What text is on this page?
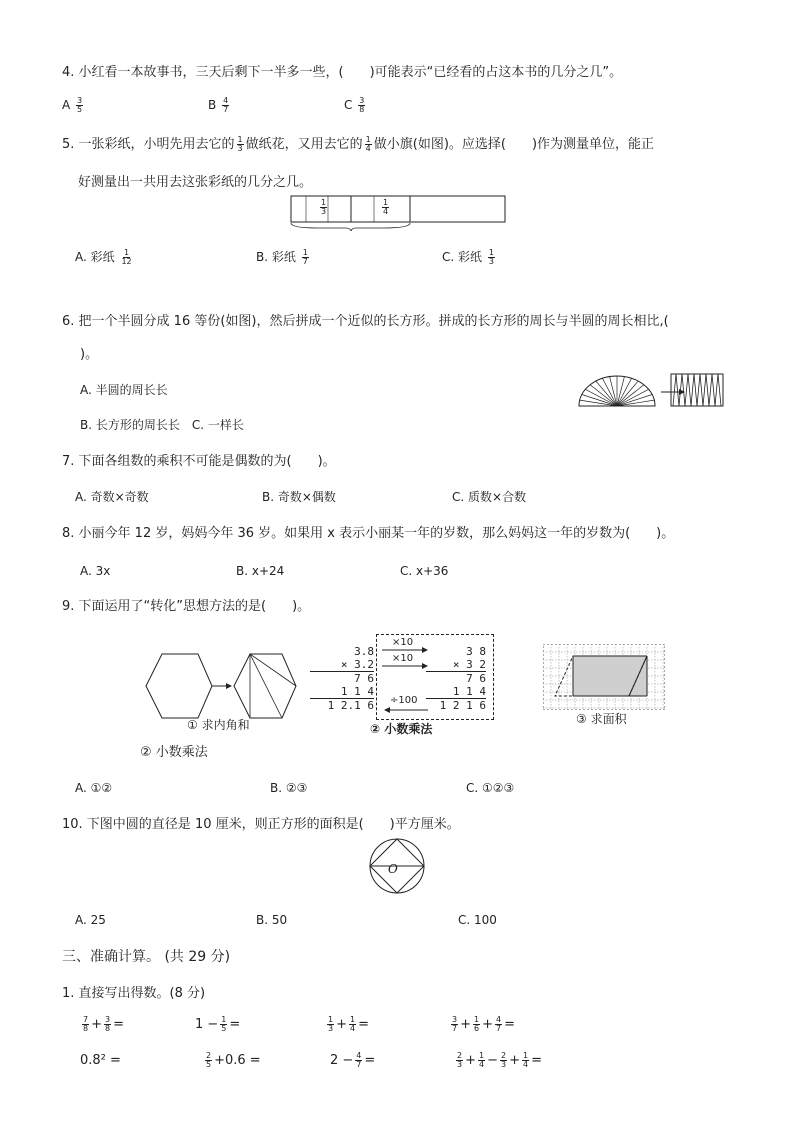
4. 小红看一本故事书，三天后剩下一半多一些，(　　)可能表示“已经看的占这本书的几分之几”。
A $\frac{3}{5}$	B $\frac{4}{7}$	C $\frac{3}{8}$
5. 一张彩纸，小明先用去它的 $\frac{1}{3}$ 做纸花，又用去它的 $\frac{1}{4}$ 做小旗(如图)。应选择(　　)作为测量单位，能正
好测量出一共用去这张彩纸的几分之几。
$\frac{1}{3}$	$\frac{1}{4}$
A. 彩纸 $\frac{1}{12}$	B. 彩纸 $\frac{1}{7}$	C. 彩纸 $\frac{1}{3}$
6. 把一个半圆分成 16 等份(如图)，然后拼成一个近似的长方形。拼成的长方形的周长与半圆的周长相比,(
)。
A. 半圆的周长长
B. 长方形的周长长　C. 一样长
7. 下面各组数的乘积不可能是偶数的为(　　)。
A. 奇数×奇数	B. 奇数×偶数	C. 质数×合数
8. 小丽今年 12 岁，妈妈今年 36 岁。如果用 x 表示小丽某一年的岁数，那么妈妈这一年的岁数为(　　)。
A. 3x	B. x+24	C. x+36
9. 下面运用了“转化”思想方法的是(　　)。
① 求内角和
② 小数乘法
3.8
× 3.2
7 6
1 1 4
1 2.1 6
×10
×10
÷100
3 8
× 3 2
7 6
1 1 4
1 2 1 6
② 小数乘法
③ 求面积
A. ①②	B. ②③	C. ①②③
10. 下图中圆的直径是 10 厘米，则正方形的面积是(　　)平方厘米。
O
A. 25	B. 50	C. 100
三、准确计算。 (共 29 分)
1. 直接写出得数。(8 分)
$\frac{7}{8} + \frac{3}{8}$ =	$1 - \frac{1}{5}$ =	$\frac{1}{3} + \frac{1}{4}$ =	$\frac{3}{7} + \frac{1}{6} + \frac{4}{7}$ =
0.8² =	$\frac{2}{5} +0.6$ =	$2 - \frac{4}{7}$ =	$\frac{2}{3} + \frac{1}{4} - \frac{2}{3} + \frac{1}{4}$ =
